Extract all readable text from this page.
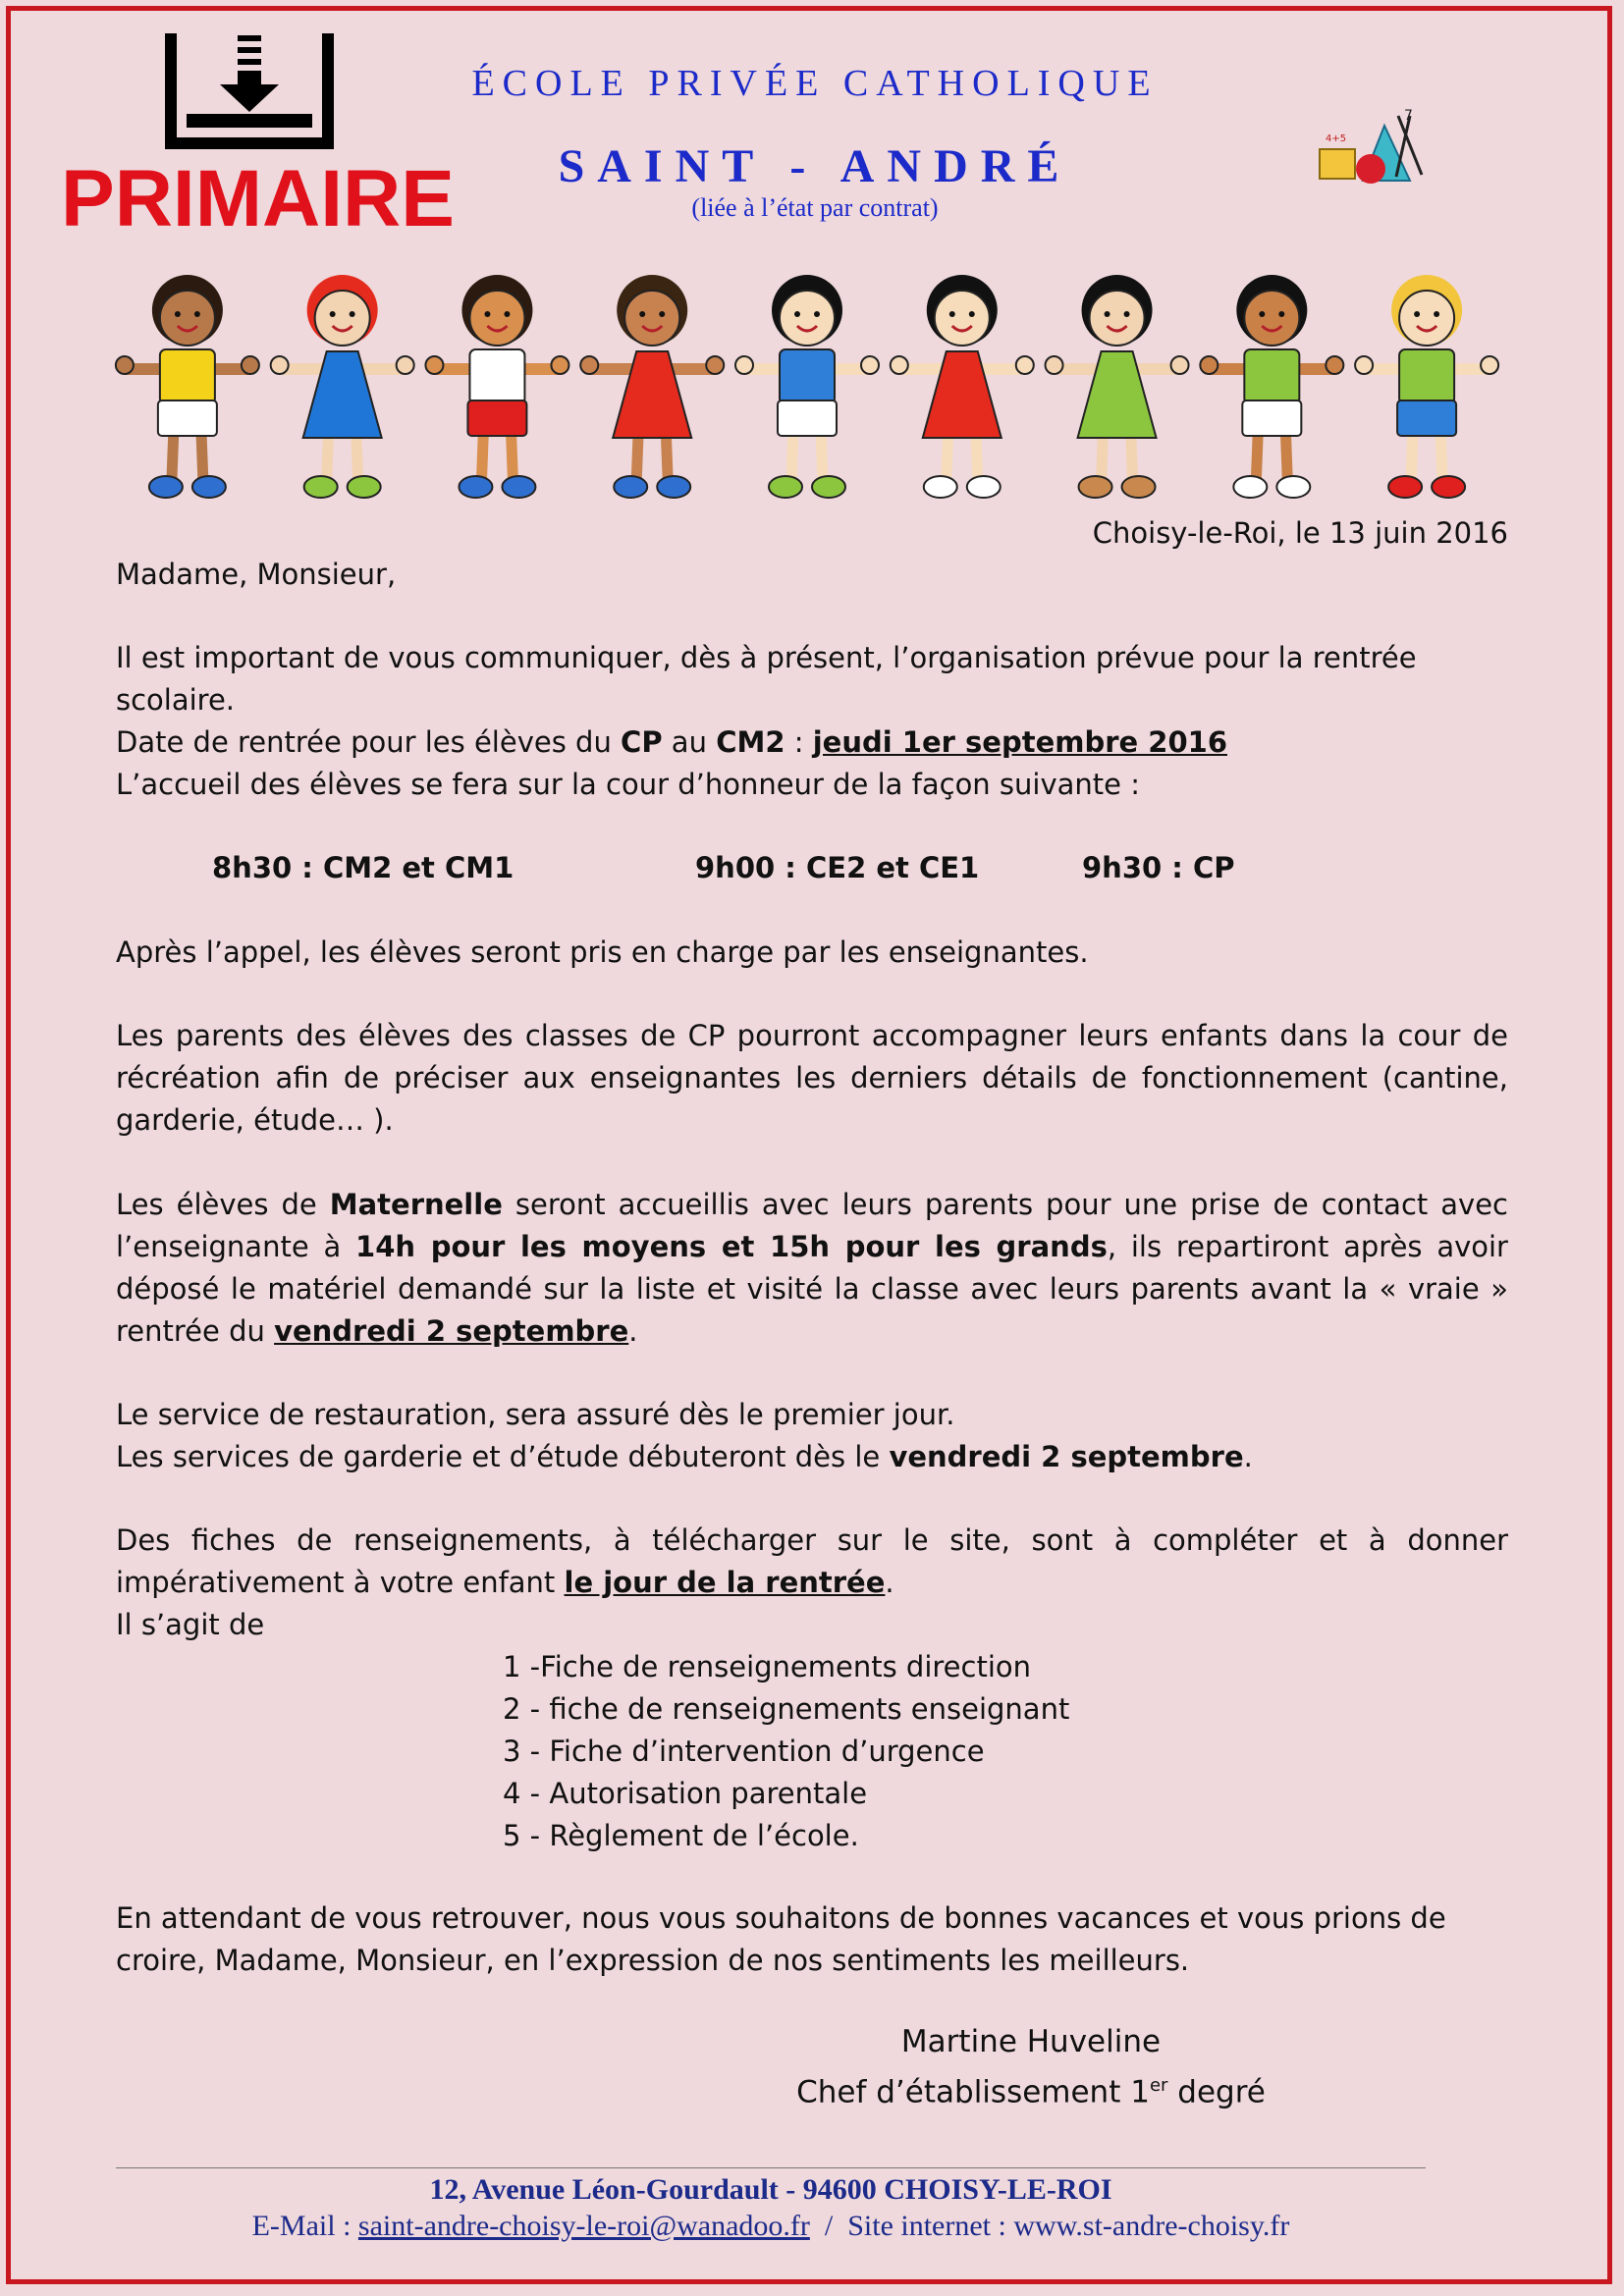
PRIMAIRE
ÉCOLE PRIVÉE CATHOLIQUE
SAINT - ANDRÉ
(liée à l’état par contrat)
7
4+5
Choisy-le-Roi, le 13 juin 2016
Madame, Monsieur,
Il est important de vous communiquer, dès à présent, l’organisation prévue pour la rentrée scolaire.
Date de rentrée pour les élèves du CP au CM2 : jeudi 1er septembre 2016
L’accueil des élèves se fera sur la cour d’honneur de la façon suivante :
8h30 : CM2 et CM1	9h00 : CE2 et CE1	9h30 : CP
Après l’appel, les élèves seront pris en charge par les enseignantes.
Les parents des élèves des classes de CP pourront accompagner leurs enfants dans la cour de récréation afin de préciser aux enseignantes les derniers détails de fonctionnement (cantine, garderie, étude… ).
Les élèves de Maternelle seront accueillis avec leurs parents pour une prise de contact avec l’enseignante à 14h pour les moyens et 15h pour les grands, ils repartiront après avoir déposé le matériel demandé sur la liste et visité la classe avec leurs parents avant la « vraie » rentrée du vendredi 2 septembre.
Le service de restauration, sera assuré dès le premier jour.
Les services de garderie et d’étude débuteront dès le vendredi 2 septembre.
Des fiches de renseignements, à télécharger sur le site, sont à compléter et à donner impérativement à votre enfant le jour de la rentrée.
Il s’agit de
1 -Fiche de renseignements direction
2 - fiche de renseignements enseignant
3 - Fiche d’intervention d’urgence
4 - Autorisation parentale
5 - Règlement de l’école.
En attendant de vous retrouver, nous vous souhaitons de bonnes vacances et vous prions de croire, Madame, Monsieur, en l’expression de nos sentiments les meilleurs.
Martine Huveline
Chef d’établissement 1er degré
12, Avenue Léon-Gourdault - 94600 CHOISY-LE-ROI
E-Mail : saint-andre-choisy-le-roi@wanadoo.fr  /  Site internet : www.st-andre-choisy.fr
